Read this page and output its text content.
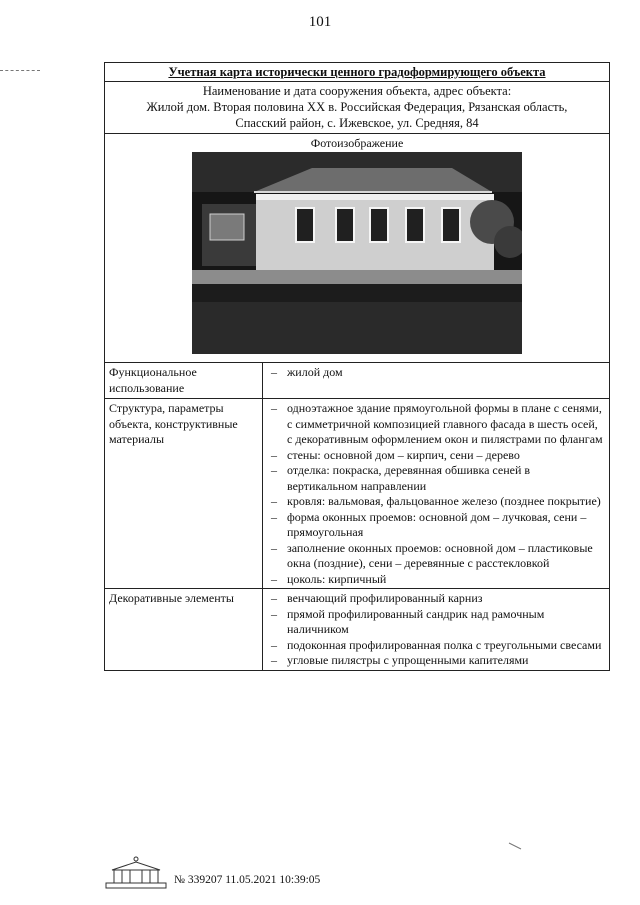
101
Учетная карта исторически ценного градоформирующего объекта
Наименование и дата сооружения объекта, адрес объекта:
Жилой дом. Вторая половина XX в. Российская Федерация, Рязанская область,
Спасский район, с. Ижевское, ул. Средняя, 84
Фотоизображение
Функциональное использование
– жилой дом
Структура, параметры объекта, конструктивные материалы
– одноэтажное здание прямоугольной формы в плане с сенями, с симметричной композицией главного фасада в шесть осей, с декоративным оформлением окон и пилястрами по флангам
– стены: основной дом – кирпич, сени – дерево
– отделка: покраска, деревянная обшивка сеней в вертикальном направлении
– кровля: вальмовая, фальцованное железо (позднее покрытие)
– форма оконных проемов: основной дом – лучковая, сени – прямоугольная
– заполнение оконных проемов: основной дом – пластиковые окна (поздние), сени – деревянные с расстекловкой
– цоколь: кирпичный
Декоративные элементы
–	венчающий профилированный карниз
– прямой профилированный сандрик над рамочным наличником
– подоконная профилированная полка с треугольными свесами
– угловые пилястры с упрощенными капителями
№ 339207 11.05.2021 10:39:05
